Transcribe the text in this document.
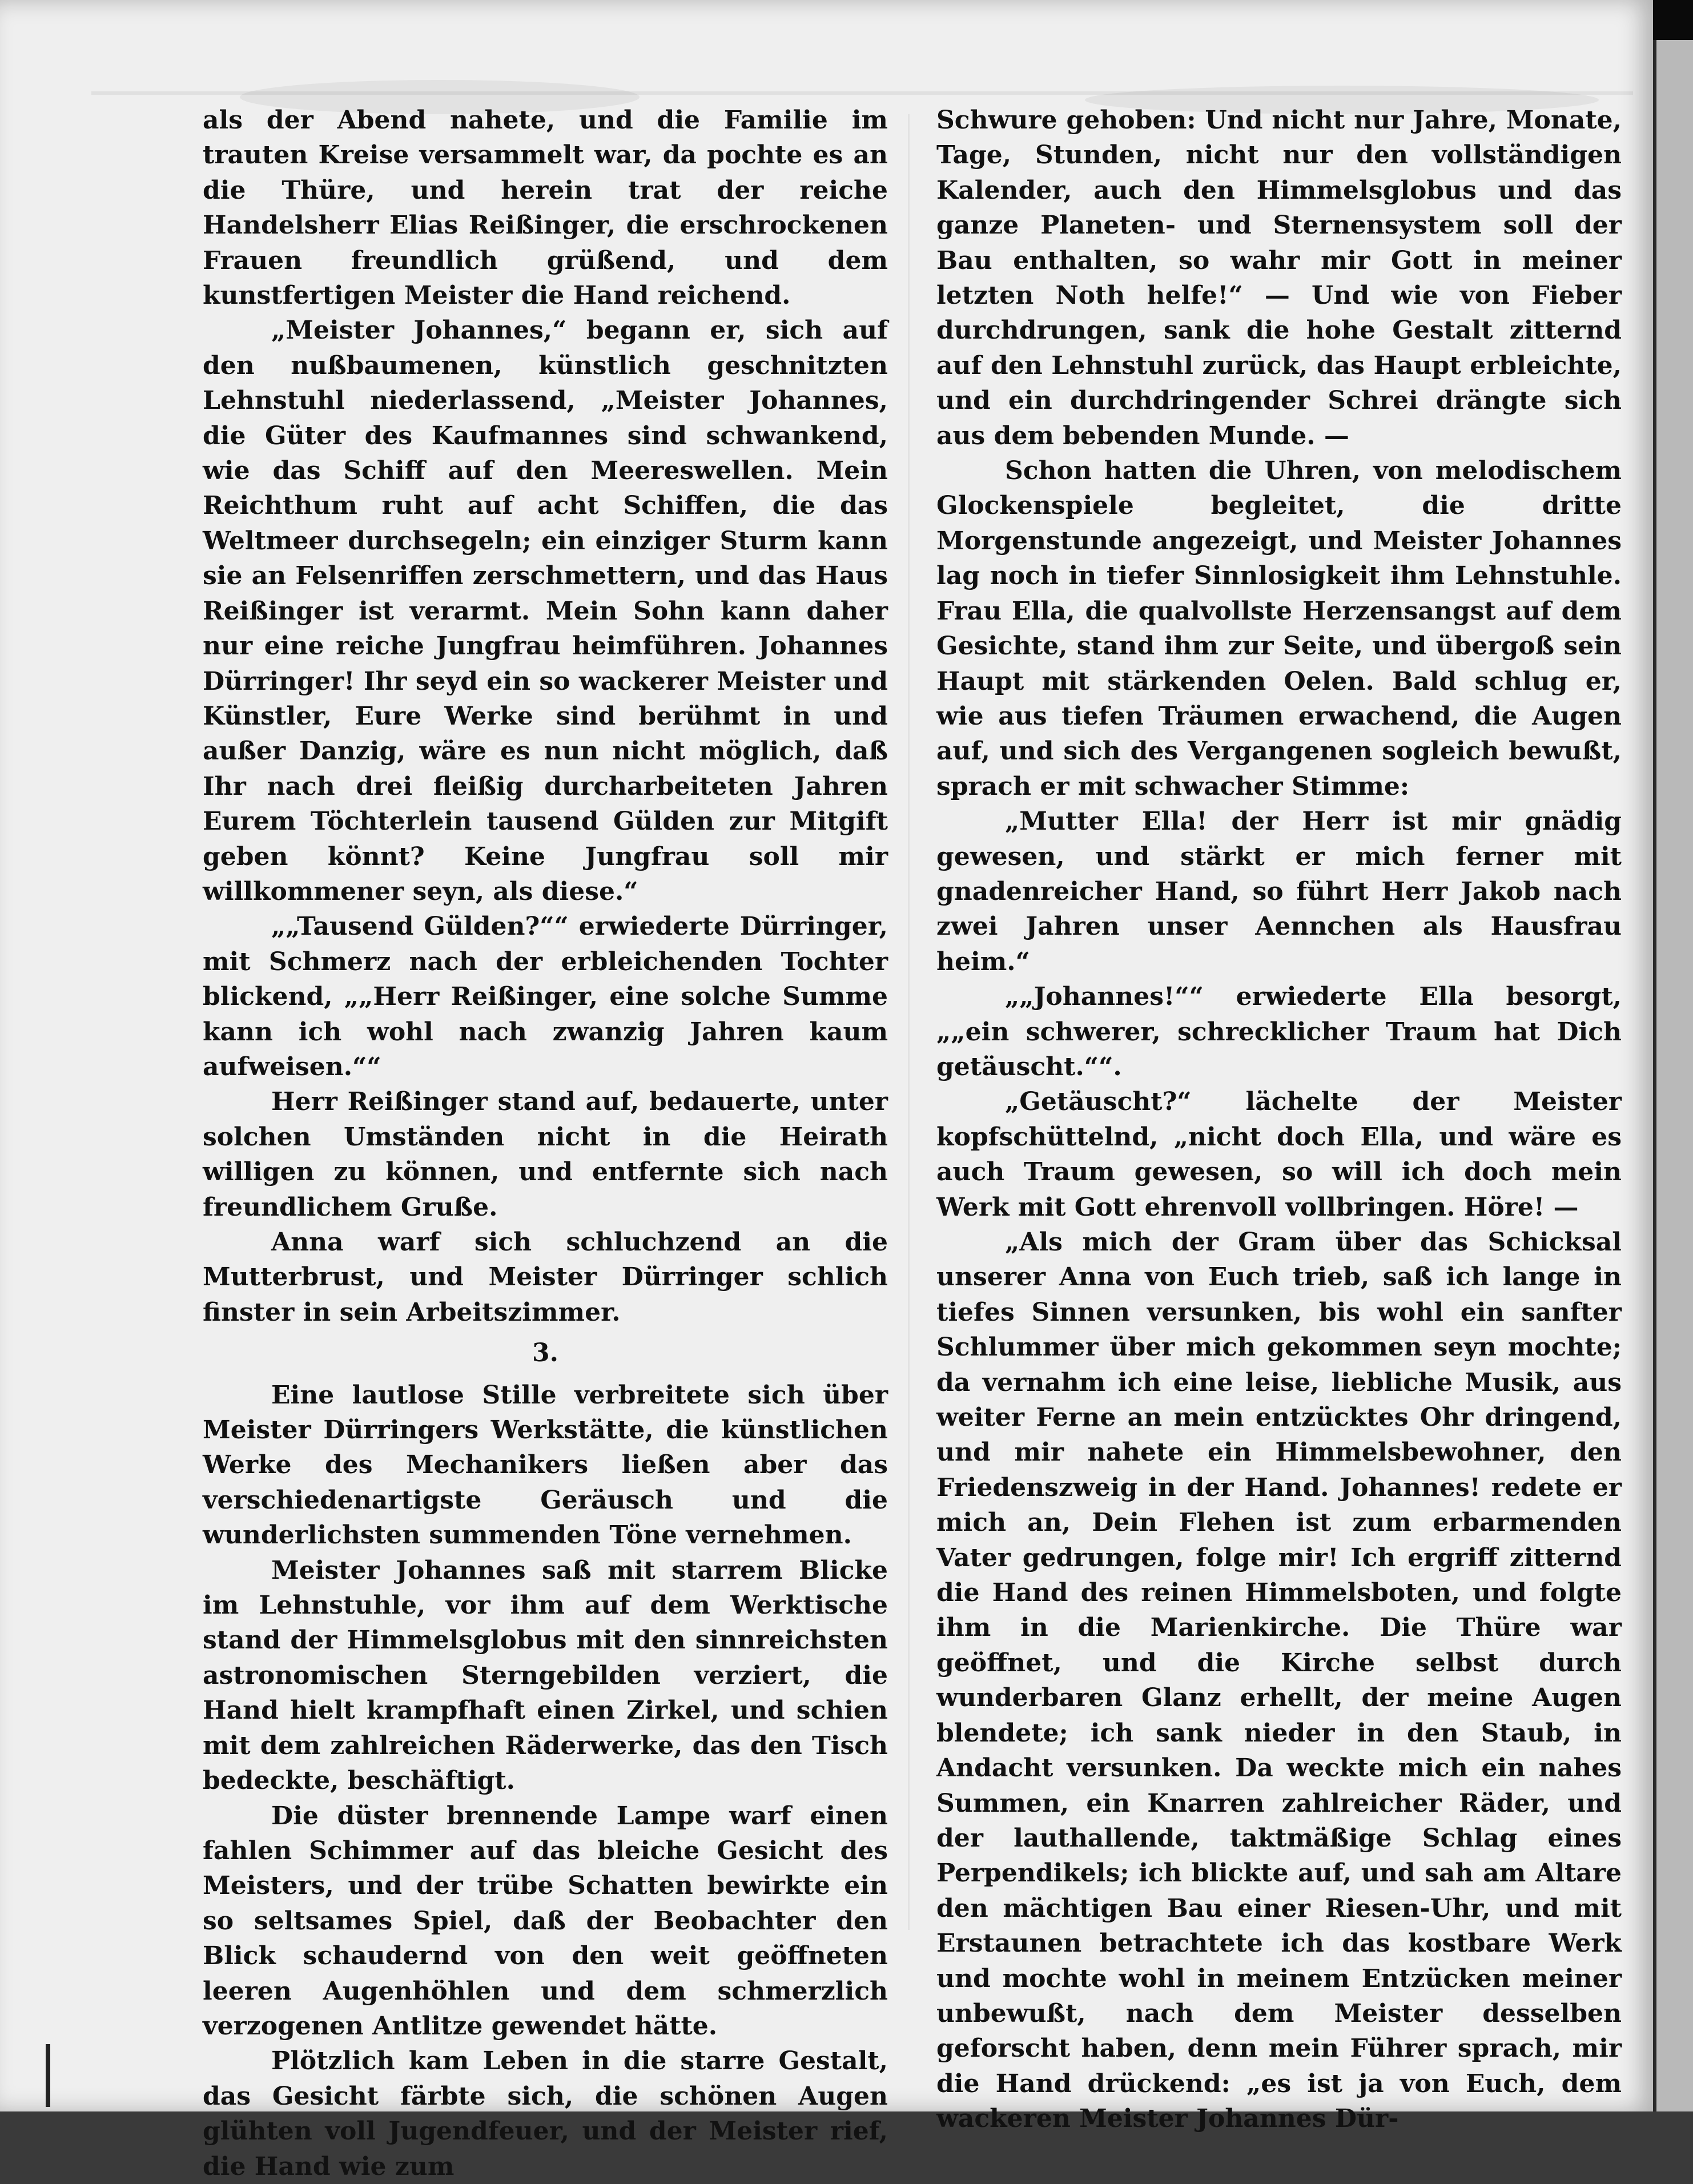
als der Abend nahete, und die Familie im trauten Kreise versammelt war, da pochte es an die Thüre, und herein trat der reiche Handelsherr Elias Reißinger, die erschrockenen Frauen freundlich grüßend, und dem kunstfertigen Meister die Hand reichend.

„Meister Johannes,“ begann er, sich auf den nußbaumenen, künstlich geschnitzten Lehnstuhl niederlassend, „Meister Johannes, die Güter des Kaufmannes sind schwankend, wie das Schiff auf den Meereswellen. Mein Reichthum ruht auf acht Schiffen, die das Weltmeer durchsegeln; ein einziger Sturm kann sie an Felsenriffen zerschmettern, und das Haus Reißinger ist verarmt. Mein Sohn kann daher nur eine reiche Jungfrau heimführen. Johannes Dürringer! Ihr seyd ein so wackerer Meister und Künstler, Eure Werke sind berühmt in und außer Danzig, wäre es nun nicht möglich, daß Ihr nach drei fleißig durcharbeiteten Jahren Eurem Töchterlein tausend Gülden zur Mitgift geben könnt? Keine Jungfrau soll mir willkommener seyn, als diese.“

„„Tausend Gülden?““ erwiederte Dürringer, mit Schmerz nach der erbleichenden Tochter blickend, „„Herr Reißinger, eine solche Summe kann ich wohl nach zwanzig Jahren kaum aufweisen.““

Herr Reißinger stand auf, bedauerte, unter solchen Umständen nicht in die Heirath willigen zu können, und entfernte sich nach freundlichem Gruße.

Anna warf sich schluchzend an die Mutterbrust, und Meister Dürringer schlich finster in sein Arbeitszimmer.

3.

Eine lautlose Stille verbreitete sich über Meister Dürringers Werkstätte, die künstlichen Werke des Mechanikers ließen aber das verschiedenartigste Geräusch und die wunderlichsten summenden Töne vernehmen.

Meister Johannes saß mit starrem Blicke im Lehnstuhle, vor ihm auf dem Werktische stand der Himmelsglobus mit den sinnreichsten astronomischen Sterngebilden verziert, die Hand hielt krampfhaft einen Zirkel, und schien mit dem zahlreichen Räderwerke, das den Tisch bedeckte, beschäftigt.

Die düster brennende Lampe warf einen fahlen Schimmer auf das bleiche Gesicht des Meisters, und der trübe Schatten bewirkte ein so seltsames Spiel, daß der Beobachter den Blick schaudernd von den weit geöffneten leeren Augenhöhlen und dem schmerzlich verzogenen Antlitze gewendet hätte.

Plötzlich kam Leben in die starre Gestalt, das Gesicht färbte sich, die schönen Augen glühten voll Jugendfeuer, und der Meister rief, die Hand wie zum

Schwure gehoben: Und nicht nur Jahre, Monate, Tage, Stunden, nicht nur den vollständigen Kalender, auch den Himmelsglobus und das ganze Planeten- und Sternensystem soll der Bau enthalten, so wahr mir Gott in meiner letzten Noth helfe!“ — Und wie von Fieber durchdrungen, sank die hohe Gestalt zitternd auf den Lehnstuhl zurück, das Haupt erbleichte, und ein durchdringender Schrei drängte sich aus dem bebenden Munde. —

Schon hatten die Uhren, von melodischem Glockenspiele begleitet, die dritte Morgenstunde angezeigt, und Meister Johannes lag noch in tiefer Sinnlosigkeit ihm Lehnstuhle. Frau Ella, die qualvollste Herzensangst auf dem Gesichte, stand ihm zur Seite, und übergoß sein Haupt mit stärkenden Oelen. Bald schlug er, wie aus tiefen Träumen erwachend, die Augen auf, und sich des Vergangenen sogleich bewußt, sprach er mit schwacher Stimme:

„Mutter Ella! der Herr ist mir gnädig gewesen, und stärkt er mich ferner mit gnadenreicher Hand, so führt Herr Jakob nach zwei Jahren unser Aennchen als Hausfrau heim.“

„„Johannes!““ erwiederte Ella besorgt, „„ein schwerer, schrecklicher Traum hat Dich getäuscht.““.

„Getäuscht?“ lächelte der Meister kopfschüttelnd, „nicht doch Ella, und wäre es auch Traum gewesen, so will ich doch mein Werk mit Gott ehrenvoll vollbringen. Höre! —

„Als mich der Gram über das Schicksal unserer Anna von Euch trieb, saß ich lange in tiefes Sinnen versunken, bis wohl ein sanfter Schlummer über mich gekommen seyn mochte; da vernahm ich eine leise, liebliche Musik, aus weiter Ferne an mein entzücktes Ohr dringend, und mir nahete ein Himmelsbewohner, den Friedenszweig in der Hand. Johannes! redete er mich an, Dein Flehen ist zum erbarmenden Vater gedrungen, folge mir! Ich ergriff zitternd die Hand des reinen Himmelsboten, und folgte ihm in die Marienkirche. Die Thüre war geöffnet, und die Kirche selbst durch wunderbaren Glanz erhellt, der meine Augen blendete; ich sank nieder in den Staub, in Andacht versunken. Da weckte mich ein nahes Summen, ein Knarren zahlreicher Räder, und der lauthallende, taktmäßige Schlag eines Perpendikels; ich blickte auf, und sah am Altare den mächtigen Bau einer Riesen-Uhr, und mit Erstaunen betrachtete ich das kostbare Werk und mochte wohl in meinem Entzücken meiner unbewußt, nach dem Meister desselben geforscht haben, denn mein Führer sprach, mir die Hand drückend: „es ist ja von Euch, dem wackeren Meister Johannes Dür-
